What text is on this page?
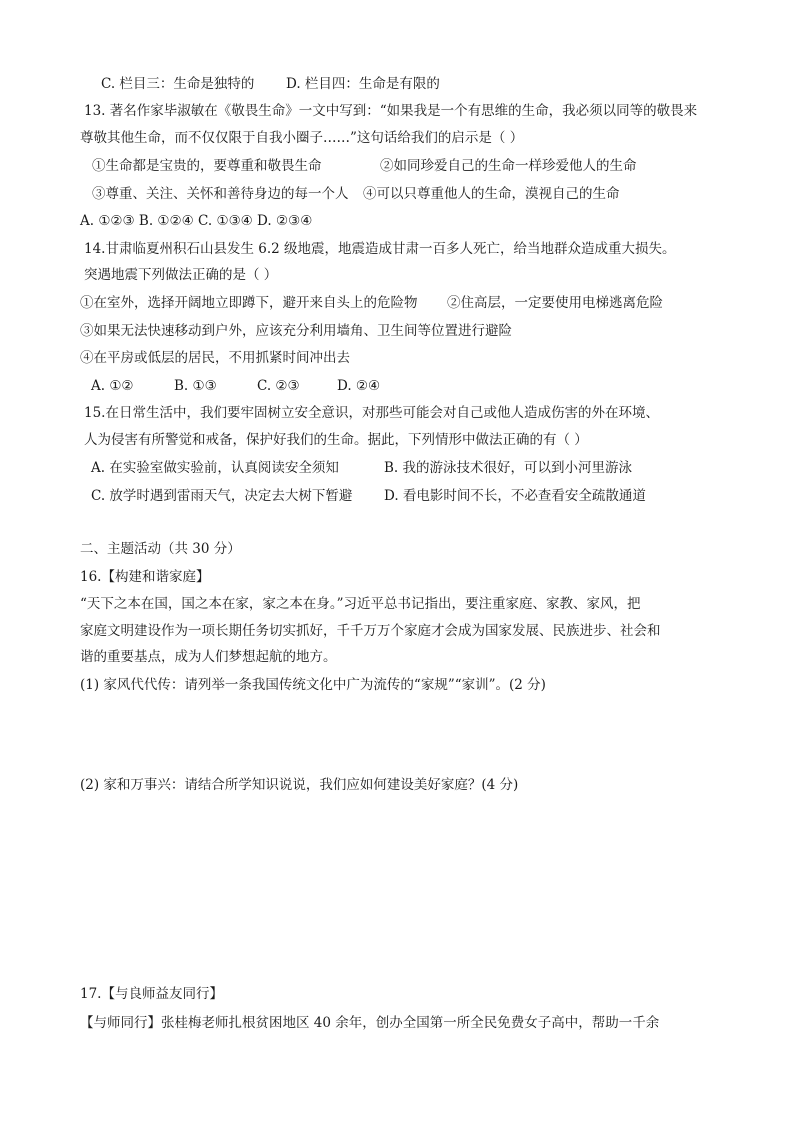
C. 栏目三：生命是独特的 D. 栏目四：生命是有限的
13. 著名作家毕淑敏在《敬畏生命》一文中写到：“如果我是一个有思维的生命，我必须以同等的敬畏来
尊敬其他生命，而不仅仅限于自我小圈子……”这句话给我们的启示是（ ）
①生命都是宝贵的，要尊重和敬畏生命	②如同珍爱自己的生命一样珍爱他人的生命
③尊重、关注、关怀和善待身边的每一个人 ④可以只尊重他人的生命，漠视自己的生命
A. ①②③ B. ①②④ C. ①③④ D. ②③④
14.甘肃临夏州积石山县发生 6.2 级地震，地震造成甘肃一百多人死亡，给当地群众造成重大损失。
突遇地震下列做法正确的是（ ）
①在室外，选择开阔地立即蹲下，避开来自头上的危险物 ②住高层，一定要使用电梯逃离危险
③如果无法快速移动到户外，应该充分利用墙角、卫生间等位置进行避险
④在平房或低层的居民，不用抓紧时间冲出去
A. ①②	B. ①③	C. ②③	D. ②④
15.在日常生活中，我们要牢固树立安全意识，对那些可能会对自己或他人造成伤害的外在环境、
人为侵害有所警觉和戒备，保护好我们的生命。据此，下列情形中做法正确的有（ ）
A. 在实验室做实验前，认真阅读安全须知	B. 我的游泳技术很好，可以到小河里游泳
C. 放学时遇到雷雨天气，决定去大树下暂避 D. 看电影时间不长，不必查看安全疏散通道
二、主题活动（共 30 分）
16.【构建和谐家庭】
“天下之本在国，国之本在家，家之本在身。”习近平总书记指出，要注重家庭、家教、家风，把
家庭文明建设作为一项长期任务切实抓好，千千万万个家庭才会成为国家发展、民族进步、社会和
谐的重要基点，成为人们梦想起航的地方。
(1) 家风代代传：请列举一条我国传统文化中广为流传的“家规”“家训”。(2 分)
(2) 家和万事兴：请结合所学知识说说，我们应如何建设美好家庭？(4 分)
17.【与良师益友同行】
【与师同行】张桂梅老师扎根贫困地区 40 余年，创办全国第一所全民免费女子高中，帮助一千余
